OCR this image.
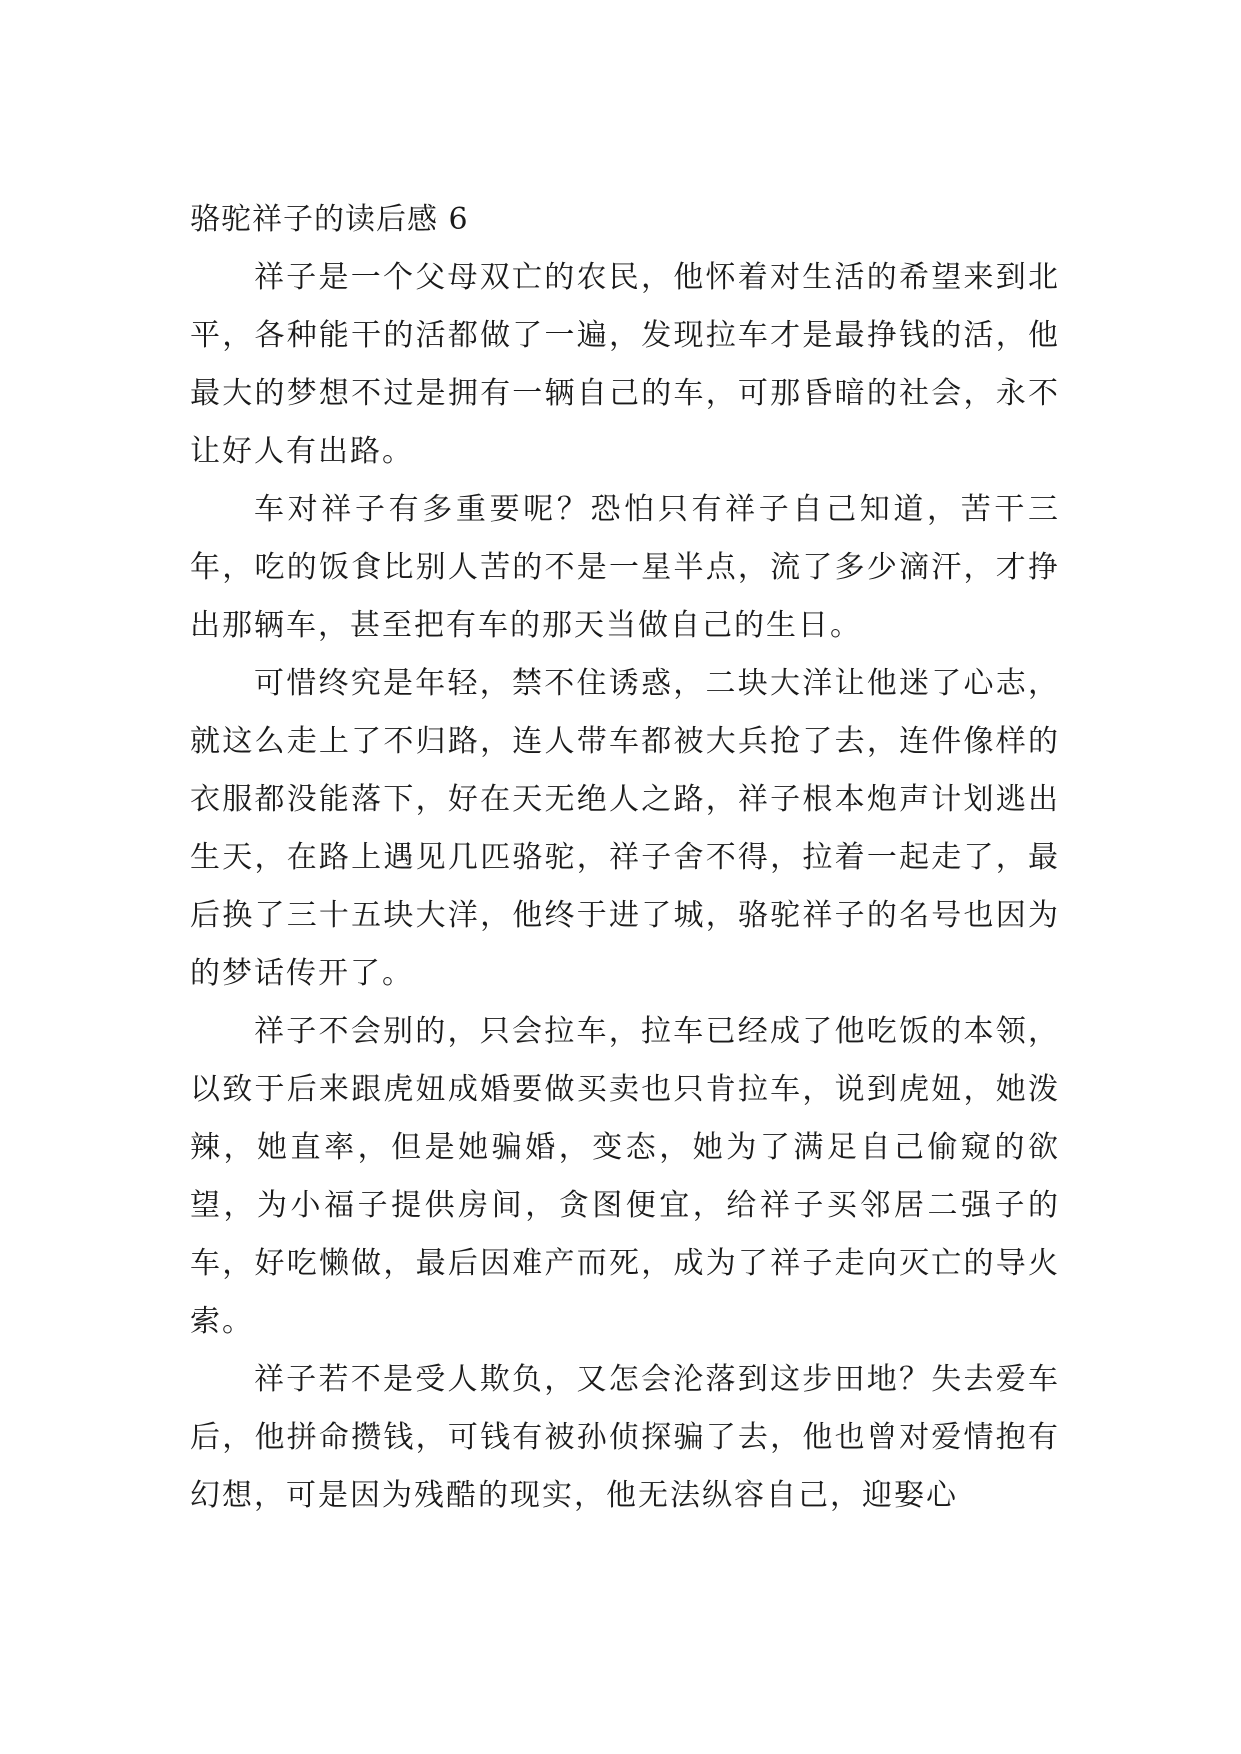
骆驼祥子的读后感 6

祥子是一个父母双亡的农民，他怀着对生活的希望来到北平，各种能干的活都做了一遍，发现拉车才是最挣钱的活，他最大的梦想不过是拥有一辆自己的车，可那昏暗的社会，永不让好人有出路。

车对祥子有多重要呢？恐怕只有祥子自己知道，苦干三年，吃的饭食比别人苦的不是一星半点，流了多少滴汗，才挣出那辆车，甚至把有车的那天当做自己的生日。

可惜终究是年轻，禁不住诱惑，二块大洋让他迷了心志，就这么走上了不归路，连人带车都被大兵抢了去，连件像样的衣服都没能落下，好在天无绝人之路，祥子根本炮声计划逃出生天，在路上遇见几匹骆驼，祥子舍不得，拉着一起走了，最后换了三十五块大洋，他终于进了城，骆驼祥子的名号也因为的梦话传开了。

祥子不会别的，只会拉车，拉车已经成了他吃饭的本领，以致于后来跟虎妞成婚要做买卖也只肯拉车，说到虎妞，她泼辣，她直率，但是她骗婚，变态，她为了满足自己偷窥的欲望，为小福子提供房间，贪图便宜，给祥子买邻居二强子的车，好吃懒做，最后因难产而死，成为了祥子走向灭亡的导火索。

祥子若不是受人欺负，又怎会沦落到这步田地？失去爱车后，他拼命攒钱，可钱有被孙侦探骗了去，他也曾对爱情抱有幻想，可是因为残酷的现实，他无法纵容自己，迎娶心
